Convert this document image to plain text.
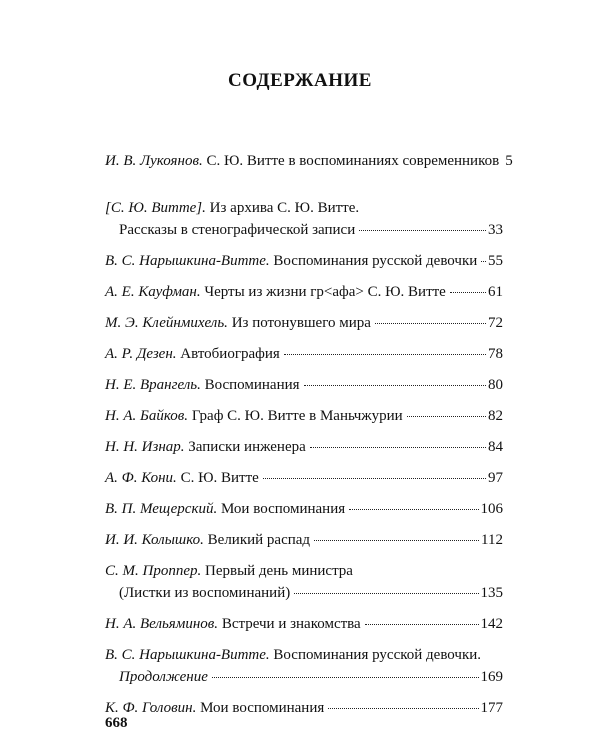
СОДЕРЖАНИЕ
И. В. Лукоянов.
С. Ю. Витте в воспоминаниях современников 5
[С. Ю. Витте].
Из архива С. Ю. Витте.
Рассказы в стенографической записи	33
В. С. Нарышкина-Витте.
Воспоминания русской девочки 55
А. Е. Кауфман.
Черты из жизни гр<афа> С. Ю. Витте	61
М. Э. Клейнмихель.
Из потонувшего мира	72
А. Р. Дезен.
Автобиография	78
Н. Е. Врангель.
Воспоминания	80
Н. А. Байков.
Граф С. Ю. Витте в Маньчжурии	82
Н. Н. Изнар.
Записки инженера	84
А. Ф. Кони.
С. Ю. Витте	97
В. П. Мещерский.
Мои воспоминания	106
И. И. Колышко.
Великий распад	112
С. М. Проппер.
Первый день министра
(Листки из воспоминаний)	135
Н. А. Вельяминов.
Встречи и знакомства	142
В. С. Нарышкина-Витте.
Воспоминания русской девочки.
Продолжение	169
К. Ф. Головин.
Мои воспоминания	177
668
